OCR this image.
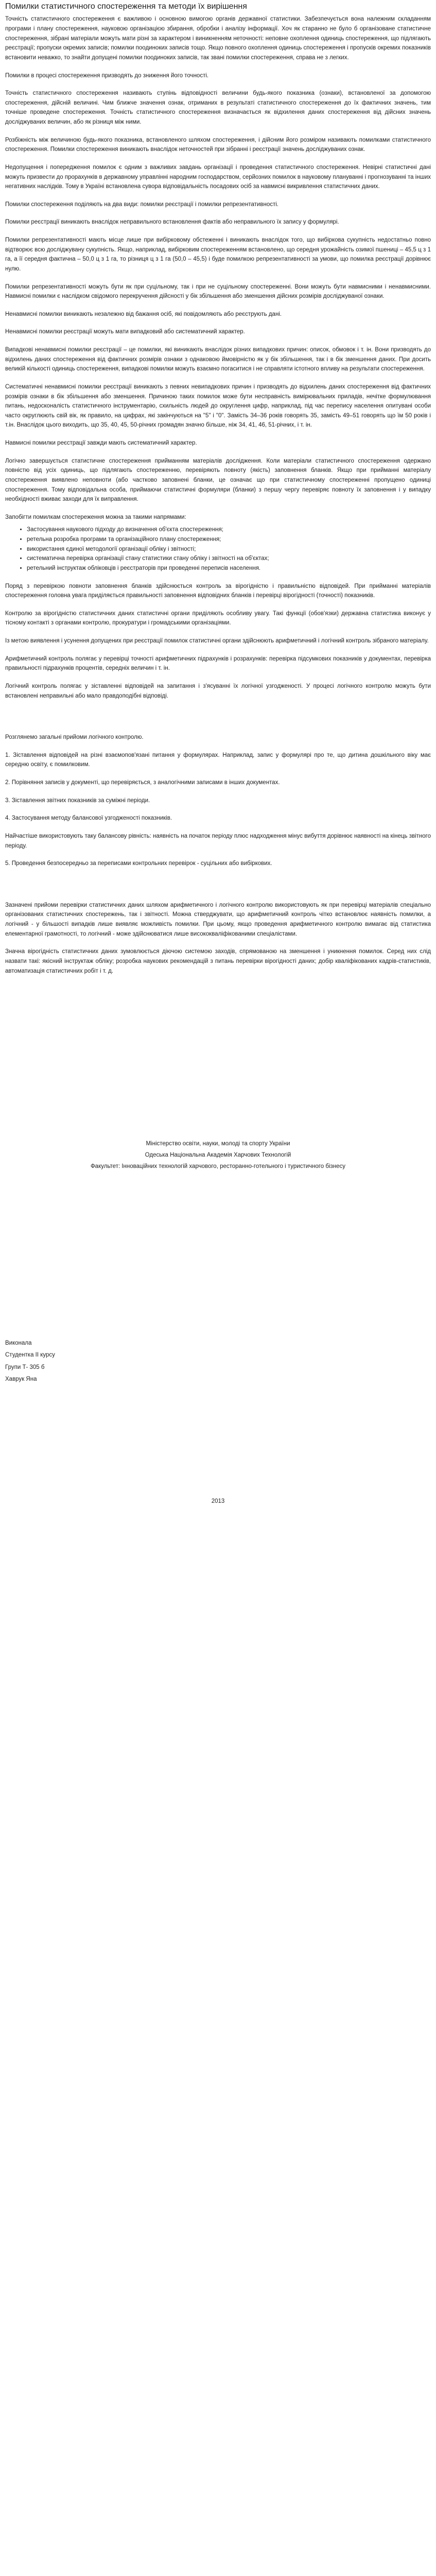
Помилки статистичного спостереження та методи їх вирішення

Точність статистичного спостереження є важливою і основною вимогою органів державної статистики. Забезпечується вона належним складанням програми і плану спостереження, науковою організацією збирання, обробки і аналізу інформації. Хоч як старанно не було б організоване статистичне спостереження, зібрані матеріали можуть мати різні за характером і виникненням неточності: неповне охоплення одиниць спостереження, що підлягають реєстрації; пропуски окремих записів; помилки поодиноких записів тощо. Якщо повного охоплення одиниць спостереження і пропусків окремих показників встановити неважко, то знайти допущені помилки поодиноких записів, так звані помилки спостереження, справа не з легких.

Помилки в процесі спостереження призводять до зниження його точності.

Точність статистичного спостереження називають ступінь відповідності величини будь-якого показника (ознаки), встановленої за допомогою спостереження, дійсній величині. Чим ближче значення ознак, отриманих в результаті статистичного спостереження до їх фактичних значень, тим точніше проведене спостереження. Точність статистичного спостереження визначається як відхилення даних спостереження від дійсних значень досліджуваних величин, або як різниця між ними.

Розбіжність між величиною будь-якого показника, встановленого шляхом спостереження, і дійсним його розміром називають помилками статистичного спостереження. Помилки спостереження виникають внаслідок неточностей при зібранні і реєстрації значень досліджуваних ознак.

Недопущення і попередження помилок є одним з важливих завдань організації і проведення статистичного спостереження. Невірні статистичні дані можуть призвести до прорахунків в державному управлінні народним господарством, серйозних помилок в науковому плануванні і прогнозуванні та інших негативних наслідків. Тому в Україні встановлена сувора відповідальність посадових осіб за навмисні викривлення статистичних даних.

Помилки спостереження поділяють на два види: помилки реєстрації і помилки репрезентативності.

Помилки реєстрації виникають внаслідок неправильного встановлення фактів або неправильного їх запису у формулярі.

Помилки репрезентативності мають місце лише при вибірковому обстеженні і виникають внаслідок того, що вибіркова сукупність недостатньо повно відтворює всю досліджувану сукупність. Якщо, наприклад, вибірковим спостереженням встановлено, що середня урожайність озимої пшениці – 45,5 ц з 1 га, а її середня фактична – 50,0 ц з 1 га, то різниця ц з 1 га (50,0 – 45,5) і буде помилкою репрезентативності за умови, що помилка реєстрації дорівнює нулю.

Помилки репрезентативності можуть бути як при суцільному, так і при не суцільному спостереженні. Вони можуть бути навмисними і ненавмисними. Навмисні помилки є наслідком свідомого перекручення дійсності у бік збільшення або зменшення дійсних розмірів досліджуваної ознаки.

Ненавмисні помилки виникають незалежно від бажання осіб, які повідомляють або реєструють дані.

Ненавмисні помилки реєстрації можуть мати випадковий або систематичний характер.

Випадкові ненавмисні помилки реєстрації – це помилки, які виникають внаслідок різних випадкових причин: описок, обмовок і т. ін. Вони призводять до відхилень даних спостереження від фактичних розмірів ознаки з однаковою ймовірністю як у бік збільшення, так і в бік зменшення даних. При досить великій кількості одиниць спостереження, випадкові помилки можуть взаємно погаситися і не справляти істотного впливу на результати спостереження.

Систематичні ненавмисні помилки реєстрації виникають з певних невипадкових причин і призводять до відхилень даних спостереження від фактичних розмірів ознаки в бік збільшення або зменшення. Причиною таких помилок може бути несправність вимірювальних приладів, нечітке формулювання питань, недосконалість статистичного інструментарію, схильність людей до округлення цифр, наприклад, під час перепису населення опитувані особи часто округлюють свій вік, як правило, на цифрах, які закінчуються на "5" і "0". Замість 34–36 років говорять 35, замість 49–51 говорять що їм 50 років і т.ін. Внаслідок цього виходить, що 35, 40, 45, 50-річних громадян значно більше, ніж 34, 41, 46, 51-річних, і т. ін.

Навмисні помилки реєстрації завжди мають систематичний характер.

Логічно завершується статистичне спостереження прийманням матеріалів дослідження. Коли матеріали статистичного спостереження одержано повністю від усіх одиниць, що підлягають спостереженню, перевіряють повноту (якість) заповнення бланків. Якщо при прийманні матеріалу спостереження виявлено неповноти (або частково заповнені бланки, це означає що при статистичному спостереженні пропущено одиниці спостереження. Тому відповідальна особа, приймаючи статистичні формуляри (бланки) з першу чергу перевіряє повноту їх заповнення і у випадку необхідності вживає заходи для їх виправлення.

Запобігти помилкам спостереження можна за такими напрямами:

• Застосування наукового підходу до визначення об'єкта спостереження;
• ретельна розробка програми та організаційного плану спостереження;
• використання єдиної методології організації обліку і звітності;
• систематична перевірка організації стану статистики стану обліку і звітності на об'єктах;
• ретельний інструктаж обліковців і реєстраторів при проведенні переписів населення.

Поряд з перевіркою повноти заповнення бланків здійснюється контроль за вірогідністю і правильністю відповідей. При прийманні матеріалів спостереження головна увага приділяється правильності заповнення відповідних бланків і перевірці вірогідності (точності) показників.

Контролю за вірогідністю статистичних даних статистичні органи приділяють особливу увагу. Такі функції (обов'язки) державна статистика виконує у тісному контакті з органами контролю, прокуратури і громадськими організаціями.

Із метою виявлення і усунення допущених при реєстрації помилок статистичні органи здійснюють арифметичний і логічний контроль зібраного матеріалу.

Арифметичний контроль полягає у перевірці точності арифметичних підрахунків і розрахунків: перевірка підсумкових показників у документах, перевірка правильності підрахунків процентів, середніх величин і т. ін.

Логічний контроль полягає у зіставленні відповідей на запитання і з'ясуванні їх логічної узгодженості. У процесі логічного контролю можуть бути встановлені неправильні або мало правдоподібні відповіді.

Розглянемо загальні прийоми логічного контролю.

1. Зіставлення відповідей на різні взаємопов'язані питання у формулярах. Наприклад, запис у формулярі про те, що дитина дошкільного віку має середню освіту, є помилковим.

2. Порівняння записів у документі, що перевіряється, з аналогічними записами в інших документах.

3. Зіставлення звітних показників за суміжні періоди.

4. Застосування методу балансової узгодженості показників.

Найчастіше використовують таку балансову рівність: наявність на початок періоду плюс надходження мінус вибуття дорівнює наявності на кінець звітного періоду.

5. Проведення безпосередньо за переписами контрольних перевірок - суцільних або вибіркових.

Зазначені прийоми перевірки статистичних даних шляхом арифметичного і логічного контролю використовують як при перевірці матеріалів спеціально організованих статистичних спостережень, так і звітності. Можна стверджувати, що арифметичний контроль чітко встановлює наявність помилки, а логічний - у більшості випадків лише виявляє можливість помилки. При цьому, якщо проведення арифметичного контролю вимагає від статистика елементарної грамотності, то логічний - може здійснюватися лише висококваліфікованими спеціалістами.

Значна вірогідність статистичних даних зумовлюється діючою системою заходів, спрямованою на зменшення і уникнення помилок. Серед них слід назвати такі: якісний інструктаж обліку; розробка наукових рекомендацій з питань перевірки вірогідності даних; добір кваліфікованих кадрів-статистиків, автоматизація статистичних робіт і т. д.

Міністерство освіти, науки, молоді та спорту України
Одеська Національна Академія Харчових Технологій
Факультет: Інноваційних технологій харчового, ресторанно-готельного і туристичного бізнесу
Виконала
Студентка ІІ курсу
Групи Т- 305 б
Хаврук Яна
2013
